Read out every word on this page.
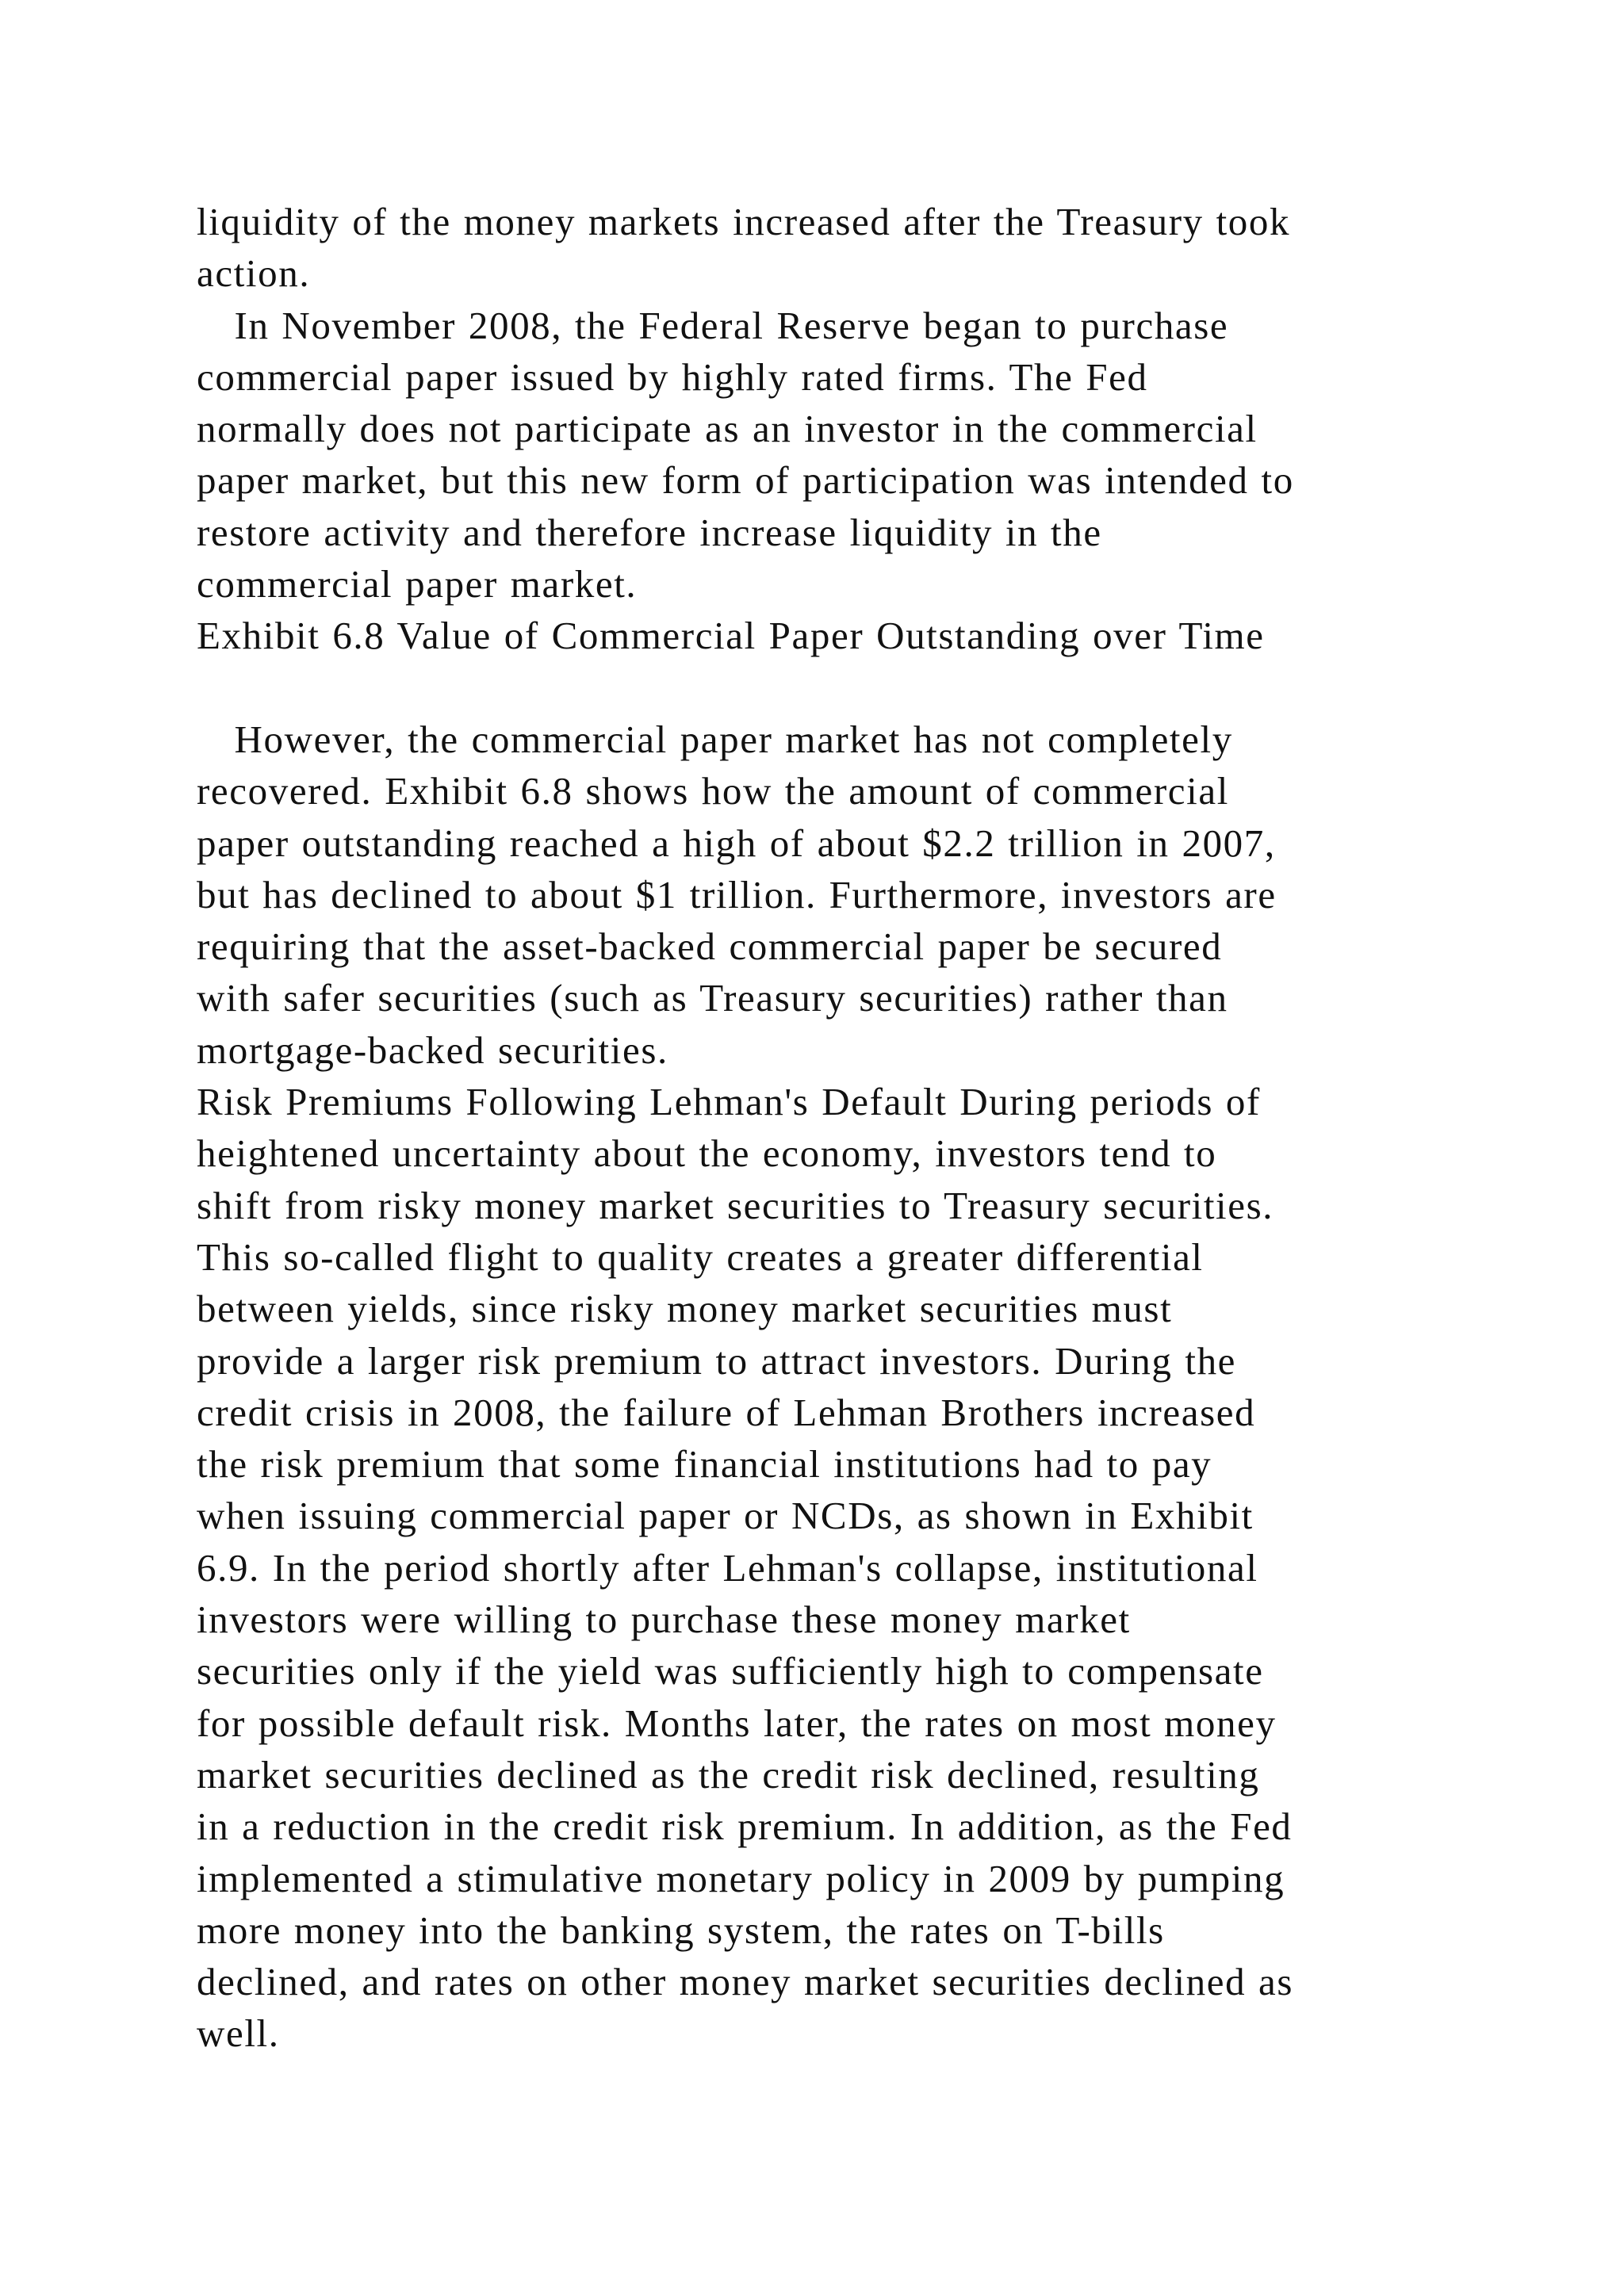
liquidity of the money markets increased after the Treasury took
action.
In November 2008, the Federal Reserve began to purchase
commercial paper issued by highly rated firms. The Fed
normally does not participate as an investor in the commercial
paper market, but this new form of participation was intended to
restore activity and therefore increase liquidity in the
commercial paper market.
Exhibit 6.8 Value of Commercial Paper Outstanding over Time
However, the commercial paper market has not completely
recovered. Exhibit 6.8 shows how the amount of commercial
paper outstanding reached a high of about $2.2 trillion in 2007,
but has declined to about $1 trillion. Furthermore, investors are
requiring that the asset-backed commercial paper be secured
with safer securities (such as Treasury securities) rather than
mortgage-backed securities.
Risk Premiums Following Lehman's Default During periods of
heightened uncertainty about the economy, investors tend to
shift from risky money market securities to Treasury securities.
This so-called flight to quality creates a greater differential
between yields, since risky money market securities must
provide a larger risk premium to attract investors. During the
credit crisis in 2008, the failure of Lehman Brothers increased
the risk premium that some financial institutions had to pay
when issuing commercial paper or NCDs, as shown in Exhibit
6.9. In the period shortly after Lehman's collapse, institutional
investors were willing to purchase these money market
securities only if the yield was sufficiently high to compensate
for possible default risk. Months later, the rates on most money
market securities declined as the credit risk declined, resulting
in a reduction in the credit risk premium. In addition, as the Fed
implemented a stimulative monetary policy in 2009 by pumping
more money into the banking system, the rates on T-bills
declined, and rates on other money market securities declined as
well.
